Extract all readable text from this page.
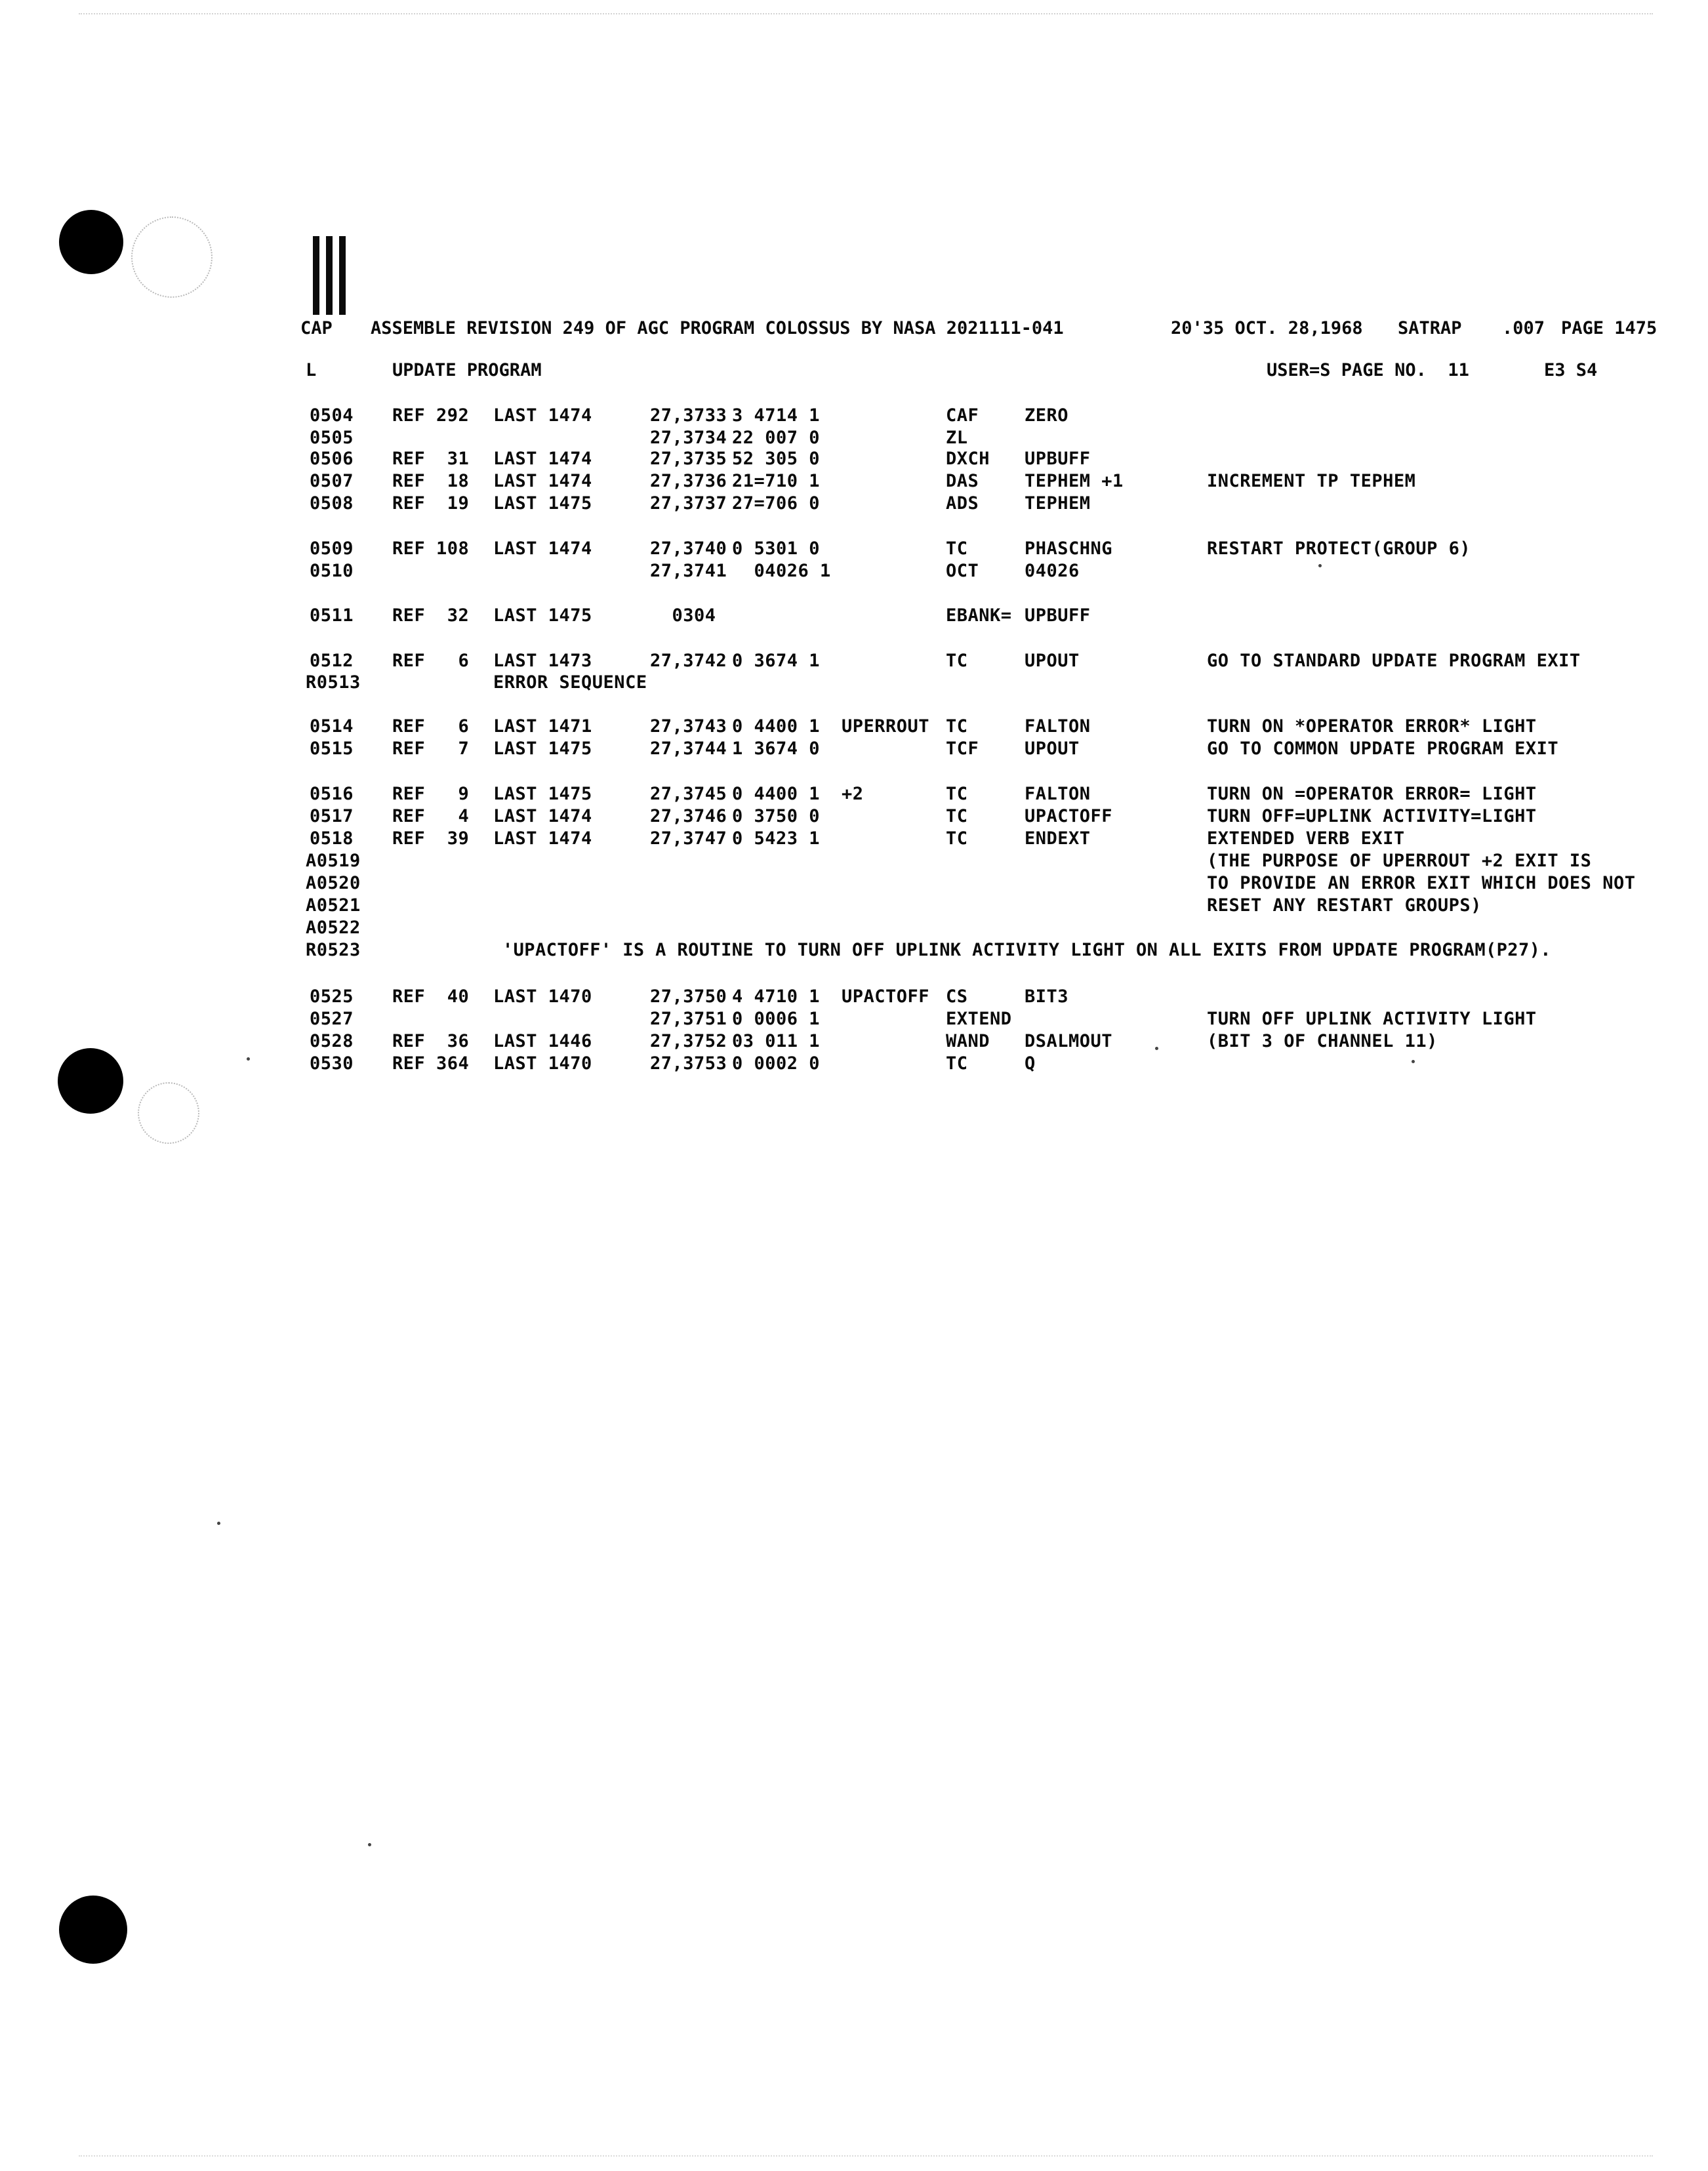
CAP ASSEMBLE REVISION 249 OF AGC PROGRAM COLOSSUS BY NASA 2021111-041	20'35 OCT. 28,1968 SATRAP .007 PAGE 1475
L	UPDATE PROGRAM	USER=S PAGE NO.  11	E3 S4
0504 REF 292 LAST 1474	27,3733 3 4714 1	CAF	ZERO
0505	27,3734 22 007 0	ZL
0506 REF  31 LAST 1474	27,3735 52 305 0	DXCH UPBUFF
0507 REF  18 LAST 1474	27,3736 21=710 1	DAS	TEPHEM +1	INCREMENT TP TEPHEM
0508 REF  19 LAST 1475	27,3737 27=706 0	ADS	TEPHEM
0509 REF 108 LAST 1474	27,3740 0 5301 0	TC	PHASCHNG	RESTART PROTECT(GROUP 6)
0510	27,3741 04026 1	OCT	04026
0511 REF  32 LAST 1475	0304	EBANK= UPBUFF
0512 REF   6 LAST 1473	27,3742 0 3674 1	TC	UPOUT	GO TO STANDARD UPDATE PROGRAM EXIT
R0513	ERROR SEQUENCE
0514 REF   6 LAST 1471	27,3743 0 4400 1 UPERROUT TC	FALTON	TURN ON *OPERATOR ERROR* LIGHT
0515 REF   7 LAST 1475	27,3744 1 3674 0	TCF	UPOUT	GO TO COMMON UPDATE PROGRAM EXIT
0516 REF   9 LAST 1475	27,3745 0 4400 1 +2	TC	FALTON	TURN ON =OPERATOR ERROR= LIGHT
0517 REF   4 LAST 1474	27,3746 0 3750 0	TC	UPACTOFF	TURN OFF=UPLINK ACTIVITY=LIGHT
0518 REF  39 LAST 1474	27,3747 0 5423 1	TC	ENDEXT	EXTENDED VERB EXIT
A0519	(THE PURPOSE OF UPERROUT +2 EXIT IS
A0520	TO PROVIDE AN ERROR EXIT WHICH DOES NOT
A0521	RESET ANY RESTART GROUPS)
A0522
R0523	'UPACTOFF' IS A ROUTINE TO TURN OFF UPLINK ACTIVITY LIGHT ON ALL EXITS FROM UPDATE PROGRAM(P27).
0525 REF  40 LAST 1470	27,3750 4 4710 1 UPACTOFF CS	BIT3
0527	27,3751 0 0006 1	EXTEND	TURN OFF UPLINK ACTIVITY LIGHT
0528 REF  36 LAST 1446	27,3752 03 011 1	WAND DSALMOUT	(BIT 3 OF CHANNEL 11)
0530 REF 364 LAST 1470	27,3753 0 0002 0	TC	Q
